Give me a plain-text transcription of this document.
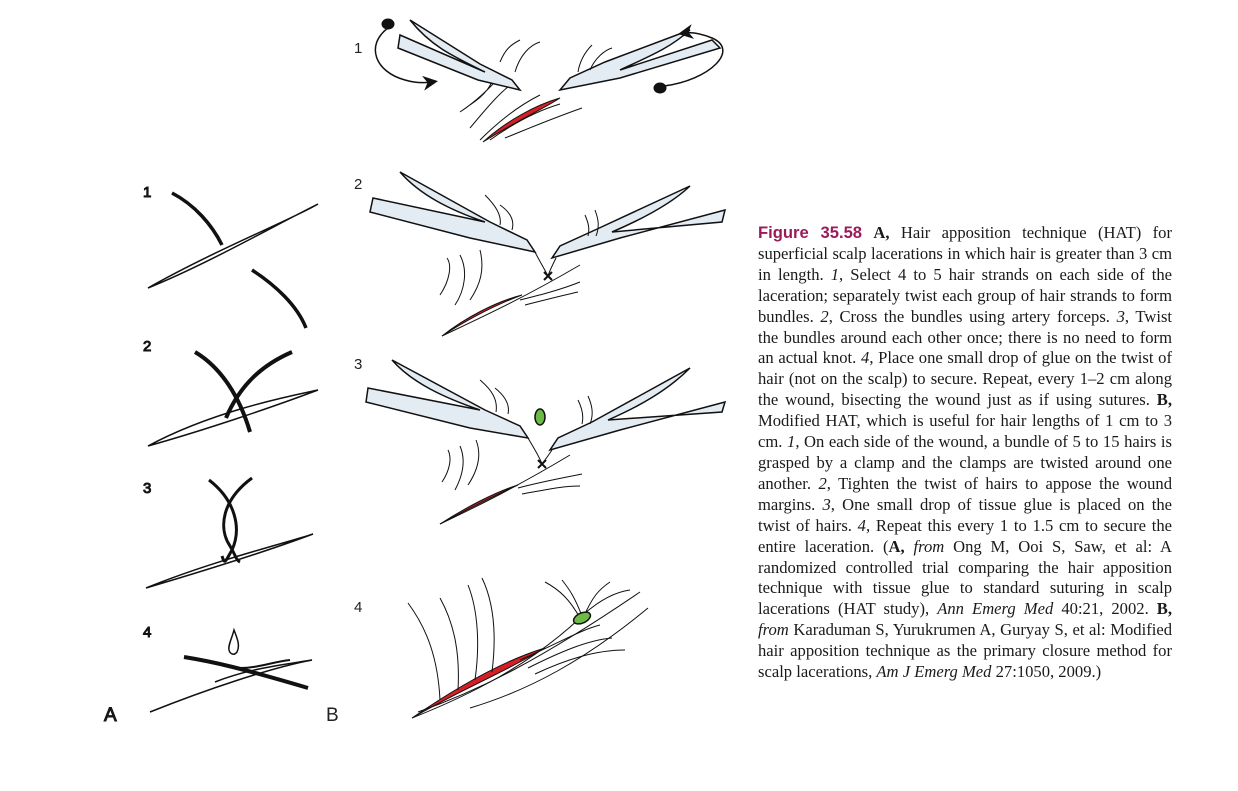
1
2
3
4
A
1
2
3
4
B
Figure 35.58 A, Hair apposition technique (HAT) for superficial scalp lacerations in which hair is greater than 3 cm in length. 1, Select 4 to 5 hair strands on each side of the laceration; separately twist each group of hair strands to form bundles. 2, Cross the bundles using artery forceps. 3, Twist the bundles around each other once; there is no need to form an actual knot. 4, Place one small drop of glue on the twist of hair (not on the scalp) to secure. Repeat, every 1–2 cm along the wound, bisecting the wound just as if using sutures. B, Modified HAT, which is useful for hair lengths of 1 cm to 3 cm. 1, On each side of the wound, a bundle of 5 to 15 hairs is grasped by a clamp and the clamps are twisted around one another. 2, Tighten the twist of hairs to appose the wound margins. 3, One small drop of tissue glue is placed on the twist of hairs. 4, Repeat this every 1 to 1.5 cm to secure the entire laceration. (A, from Ong M, Ooi S, Saw, et al: A randomized controlled trial comparing the hair apposition technique with tissue glue to standard suturing in scalp lacerations (HAT study), Ann Emerg Med 40:21, 2002. B, from Karaduman S, Yurukrumen A, Guryay S, et al: Modified hair apposition technique as the primary closure method for scalp lacerations, Am J Emerg Med 27:1050, 2009.)
